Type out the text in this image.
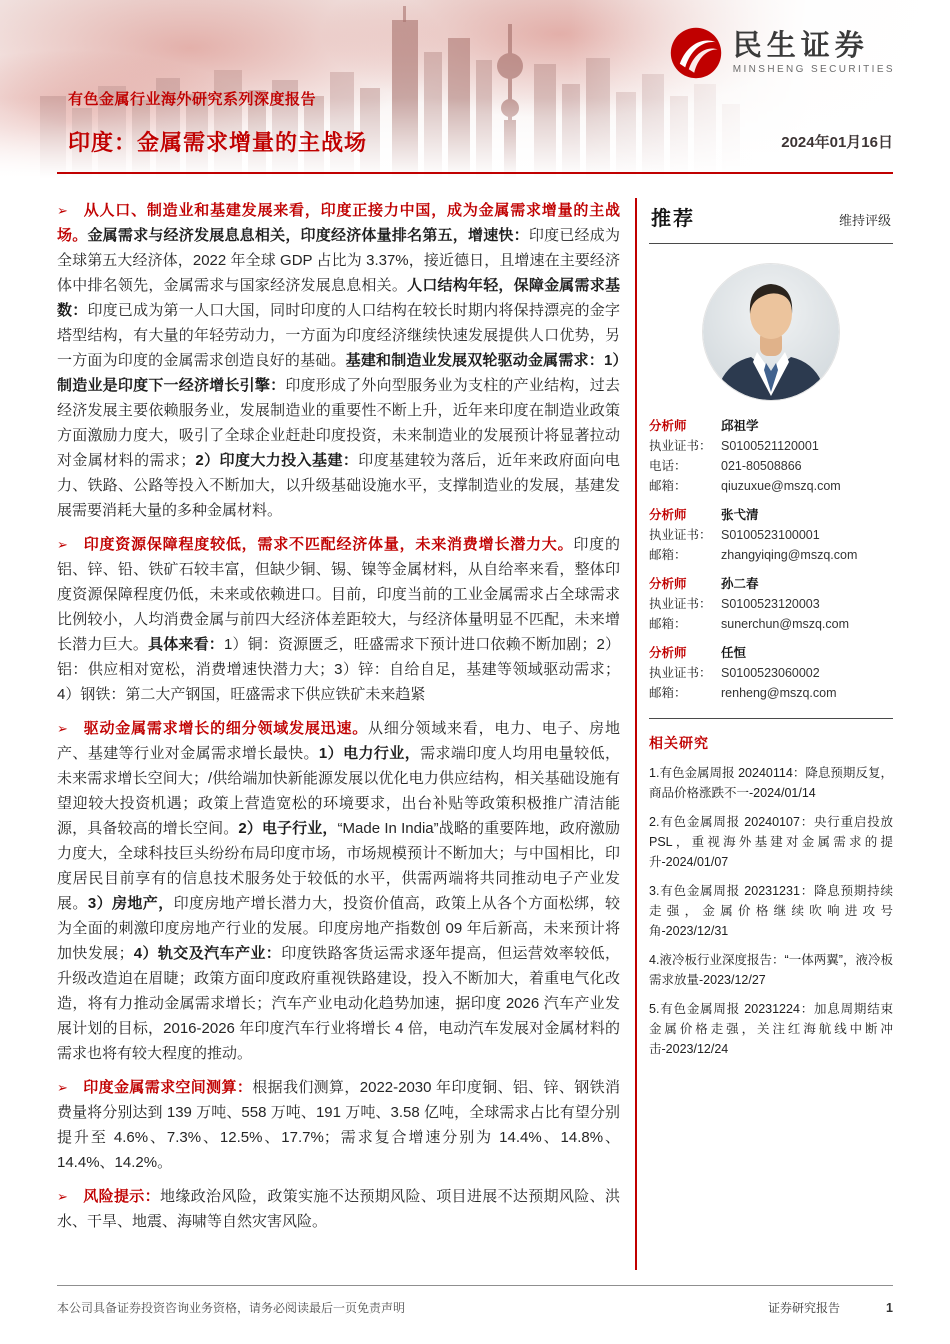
民生证券
MINSHENG SECURITIES
有色金属行业海外研究系列深度报告
印度：金属需求增量的主战场	2024年01月16日

➢ 从人口、制造业和基建发展来看，印度正接力中国，成为金属需求增量的主战场。金属需求与经济发展息息相关，印度经济体量排名第五，增速快：印度已经成为全球第五大经济体，2022 年全球 GDP 占比为 3.37%，接近德日，且增速在主要经济体中排名领先，金属需求与国家经济发展息息相关。人口结构年轻，保障金属需求基数：印度已成为第一人口大国，同时印度的人口结构在较长时期内将保持漂亮的金字塔型结构，有大量的年轻劳动力，一方面为印度经济继续快速发展提供人口优势，另一方面为印度的金属需求创造良好的基础。基建和制造业发展双轮驱动金属需求：1）制造业是印度下一经济增长引擎：印度形成了外向型服务业为支柱的产业结构，过去经济发展主要依赖服务业，发展制造业的重要性不断上升，近年来印度在制造业政策方面激励力度大，吸引了全球企业赶赴印度投资，未来制造业的发展预计将显著拉动对金属材料的需求；2）印度大力投入基建：印度基建较为落后，近年来政府面向电力、铁路、公路等投入不断加大，以升级基础设施水平，支撑制造业的发展，基建发展需要消耗大量的多种金属材料。

➢ 印度资源保障程度较低，需求不匹配经济体量，未来消费增长潜力大。印度的铝、锌、铅、铁矿石较丰富，但缺少铜、锡、镍等金属材料，从自给率来看，整体印度资源保障程度仍低，未来或依赖进口。目前，印度当前的工业金属需求占全球需求比例较小，人均消费金属与前四大经济体差距较大，与经济体量明显不匹配，未来增长潜力巨大。具体来看：1）铜：资源匮乏，旺盛需求下预计进口依赖不断加剧；2）铝：供应相对宽松，消费增速快潜力大；3）锌：自给自足，基建等领域驱动需求；4）钢铁：第二大产钢国，旺盛需求下供应铁矿未来趋紧

➢ 驱动金属需求增长的细分领域发展迅速。从细分领域来看，电力、电子、房地产、基建等行业对金属需求增长最快。1）电力行业，需求端印度人均用电量较低，未来需求增长空间大；/供给端加快新能源发展以优化电力供应结构，相关基础设施有望迎较大投资机遇；政策上营造宽松的环境要求，出台补贴等政策积极推广清洁能源，具备较高的增长空间。2）电子行业，“Made In India”战略的重要阵地，政府激励力度大，全球科技巨头纷纷布局印度市场，市场规模预计不断加大；与中国相比，印度居民目前享有的信息技术服务处于较低的水平，供需两端将共同推动电子产业发展。3）房地产，印度房地产增长潜力大，投资价值高，政策上从各个方面松绑，较为全面的刺激印度房地产行业的发展。印度房地产指数创 09 年后新高，未来预计将加快发展；4）轨交及汽车产业：印度铁路客货运需求逐年提高，但运营效率较低，升级改造迫在眉睫；政策方面印度政府重视铁路建设，投入不断加大，着重电气化改造，将有力推动金属需求增长；汽车产业电动化趋势加速，据印度 2026 汽车产业发展计划的目标，2016-2026 年印度汽车行业将增长 4 倍，电动汽车发展对金属材料的需求也将有较大程度的推动。

➢ 印度金属需求空间测算：根据我们测算，2022-2030 年印度铜、铝、锌、钢铁消费量将分别达到 139 万吨、558 万吨、191 万吨、3.58 亿吨，全球需求占比有望分别提升至 4.6%、7.3%、12.5%、17.7%；需求复合增速分别为 14.4%、14.8%、14.4%、14.2%。

➢ 风险提示：地缘政治风险，政策实施不达预期风险、项目进展不达预期风险、洪水、干旱、地震、海啸等自然灾害风险。

推荐	维持评级
分析师	邱祖学
执业证书： S0100521120001
电话：	021-80508866
邮箱：	qiuzuxue@mszq.com
分析师	张弋清
执业证书： S0100523100001
邮箱：	zhangyiqing@mszq.com
分析师	孙二春
执业证书： S0100523120003
邮箱：	sunerchun@mszq.com
分析师	任恒
执业证书： S0100523060002
邮箱：	renheng@mszq.com
相关研究
1.有色金属周报 20240114：降息预期反复，商品价格涨跌不一-2024/01/14
2.有色金属周报 20240107：央行重启投放PSL，重视海外基建对金属需求的提升-2024/01/07
3.有色金属周报 20231231：降息预期持续走强，金属价格继续吹响进攻号角-2023/12/31
4.液冷板行业深度报告：“一体两翼”，液冷板需求放量-2023/12/27
5.有色金属周报 20231224：加息周期结束金属价格走强，关注红海航线中断冲击-2023/12/24
本公司具备证券投资咨询业务资格，请务必阅读最后一页免责声明	证券研究报告	1
